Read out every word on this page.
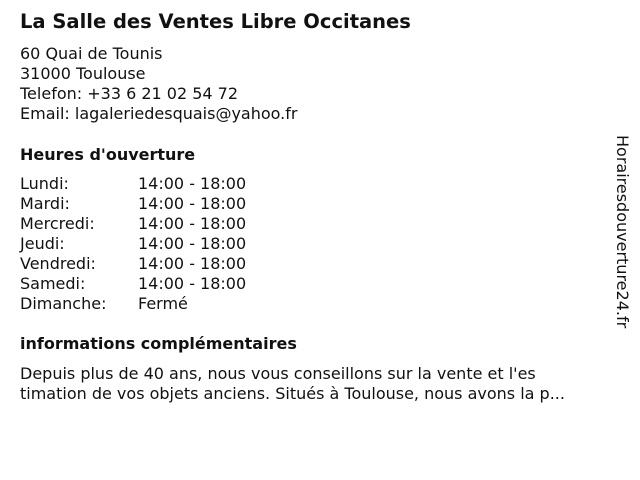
La Salle des Ventes Libre Occitanes
60 Quai de Tounis
31000 Toulouse
Telefon: +33 6 21 02 54 72
Email: lagaleriedesquais@yahoo.fr
Heures d'ouverture
Lundi:	14:00 - 18:00
Mardi:	14:00 - 18:00
Mercredi:	14:00 - 18:00
Jeudi:	14:00 - 18:00
Vendredi:	14:00 - 18:00
Samedi:	14:00 - 18:00
Dimanche:	Fermé
informations complémentaires
Depuis plus de 40 ans, nous vous conseillons sur la vente et l'es
timation de vos objets anciens. Situés à Toulouse, nous avons la p...
Horairesdouverture24.fr
